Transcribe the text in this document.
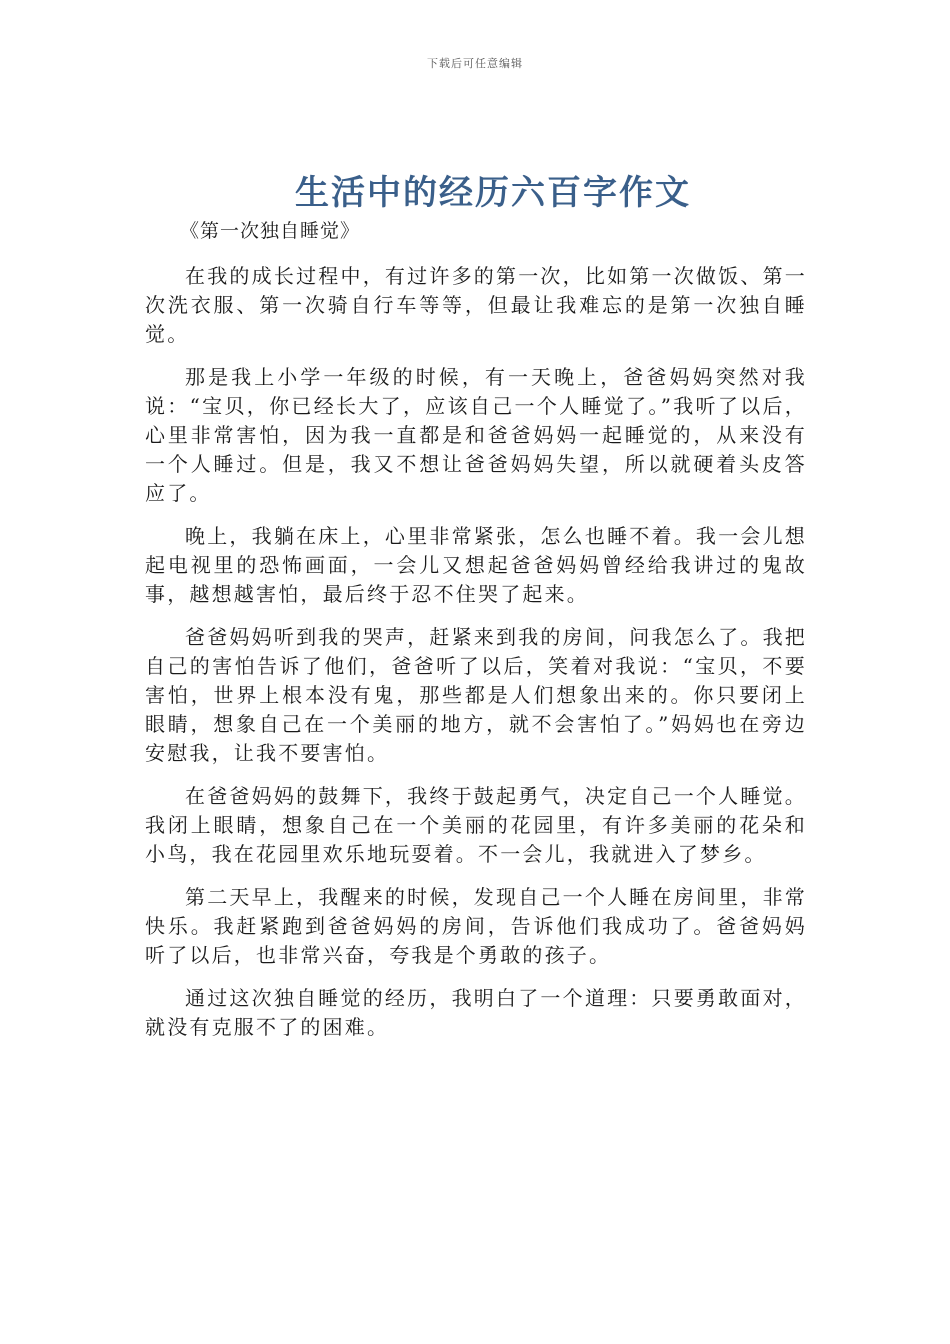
下载后可任意编辑
生活中的经历六百字作文

《第一次独自睡觉》

在我的成长过程中，有过许多的第一次，比如第一次做饭、第一次洗衣服、第一次骑自行车等等，但最让我难忘的是第一次独自睡觉。

那是我上小学一年级的时候，有一天晚上，爸爸妈妈突然对我说：“宝贝，你已经长大了，应该自己一个人睡觉了。”我听了以后，心里非常害怕，因为我一直都是和爸爸妈妈一起睡觉的，从来没有一个人睡过。但是，我又不想让爸爸妈妈失望，所以就硬着头皮答应了。

晚上，我躺在床上，心里非常紧张，怎么也睡不着。我一会儿想起电视里的恐怖画面，一会儿又想起爸爸妈妈曾经给我讲过的鬼故事，越想越害怕，最后终于忍不住哭了起来。

爸爸妈妈听到我的哭声，赶紧来到我的房间，问我怎么了。我把自己的害怕告诉了他们，爸爸听了以后，笑着对我说：“宝贝，不要害怕，世界上根本没有鬼，那些都是人们想象出来的。你只要闭上眼睛，想象自己在一个美丽的地方，就不会害怕了。”妈妈也在旁边安慰我，让我不要害怕。

在爸爸妈妈的鼓舞下，我终于鼓起勇气，决定自己一个人睡觉。我闭上眼睛，想象自己在一个美丽的花园里，有许多美丽的花朵和小鸟，我在花园里欢乐地玩耍着。不一会儿，我就进入了梦乡。

第二天早上，我醒来的时候，发现自己一个人睡在房间里，非常快乐。我赶紧跑到爸爸妈妈的房间，告诉他们我成功了。爸爸妈妈听了以后，也非常兴奋，夸我是个勇敢的孩子。

通过这次独自睡觉的经历，我明白了一个道理：只要勇敢面对，就没有克服不了的困难。
